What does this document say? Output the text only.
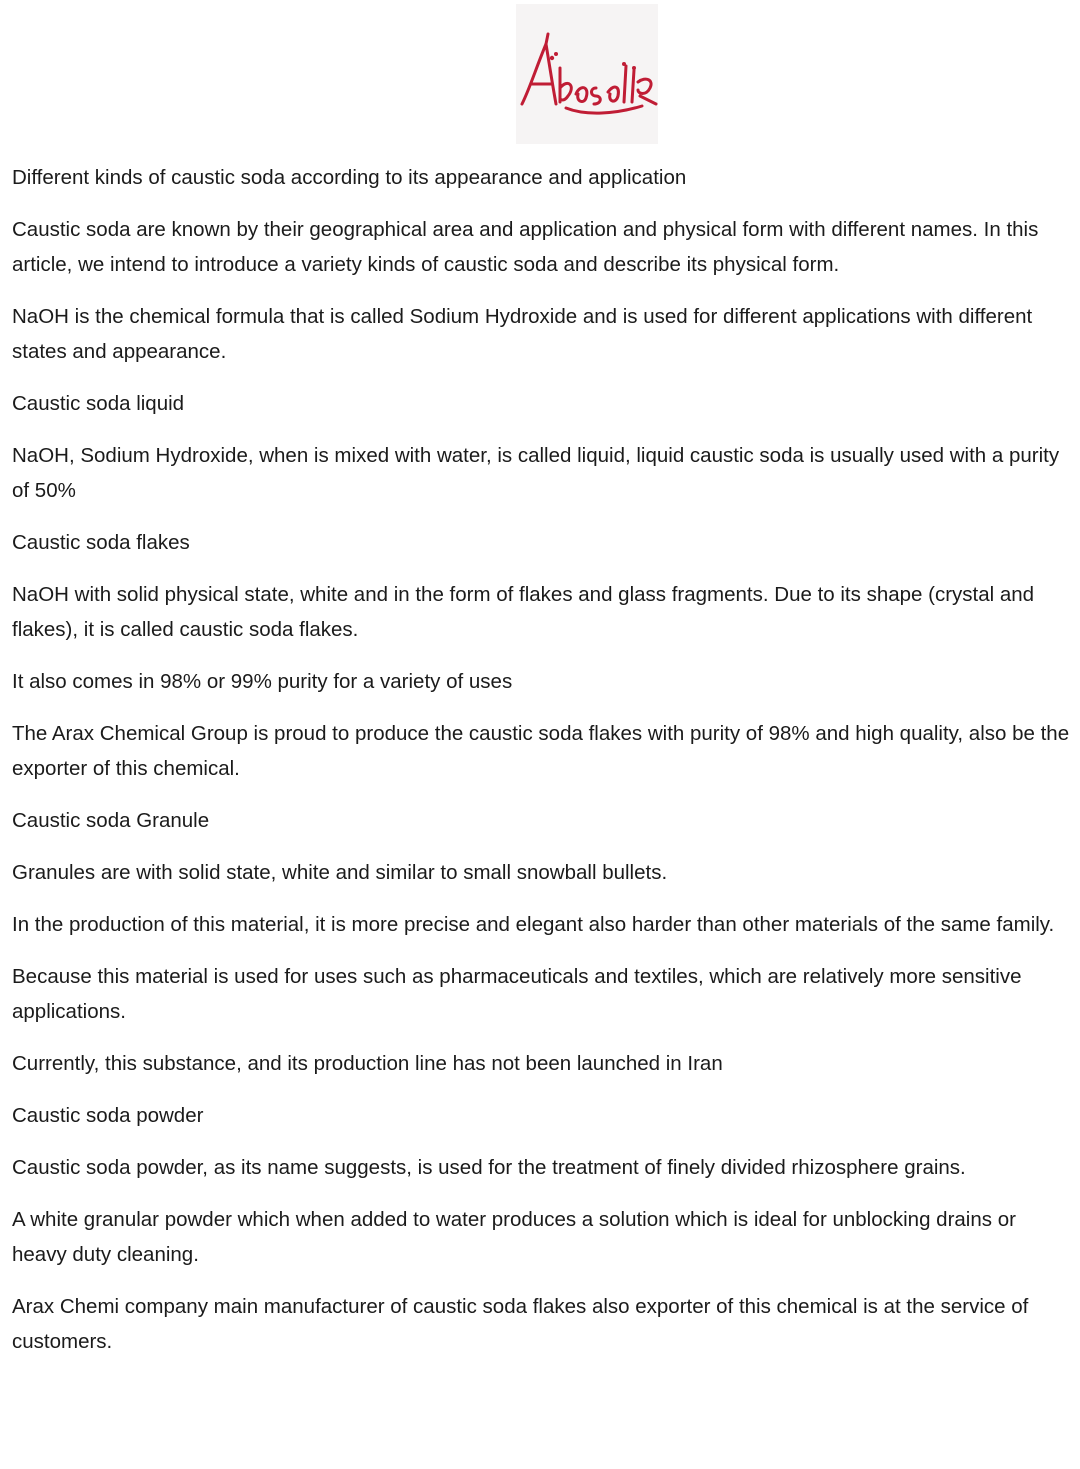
Different kinds of caustic soda according to its appearance and application

Caustic soda are known by their geographical area and application and physical form with different names. In this article, we intend to introduce a variety kinds of caustic soda and describe its physical form.

NaOH is the chemical formula that is called Sodium Hydroxide and is used for different applications with different states and appearance.

Caustic soda liquid

NaOH, Sodium Hydroxide, when is mixed with water, is called liquid, liquid caustic soda is usually used with a purity of 50%

Caustic soda flakes

NaOH with solid physical state, white and in the form of flakes and glass fragments. Due to its shape (crystal and flakes), it is called caustic soda flakes.

It also comes in 98% or 99% purity for a variety of uses

The Arax Chemical Group is proud to produce the caustic soda flakes with purity of 98% and high quality, also be the exporter of this chemical.

Caustic soda Granule

Granules are with solid state, white and similar to small snowball bullets.

In the production of this material, it is more precise and elegant also harder than other materials of the same family.

Because this material is used for uses such as pharmaceuticals and textiles, which are relatively more sensitive applications.

Currently, this substance, and its production line has not been launched in Iran

Caustic soda powder

Caustic soda powder, as its name suggests, is used for the treatment of finely divided rhizosphere grains.

A white granular powder which when added to water produces a solution which is ideal for unblocking drains or heavy duty cleaning.

Arax Chemi company main manufacturer of caustic soda flakes also exporter of this chemical is at the service of customers.
